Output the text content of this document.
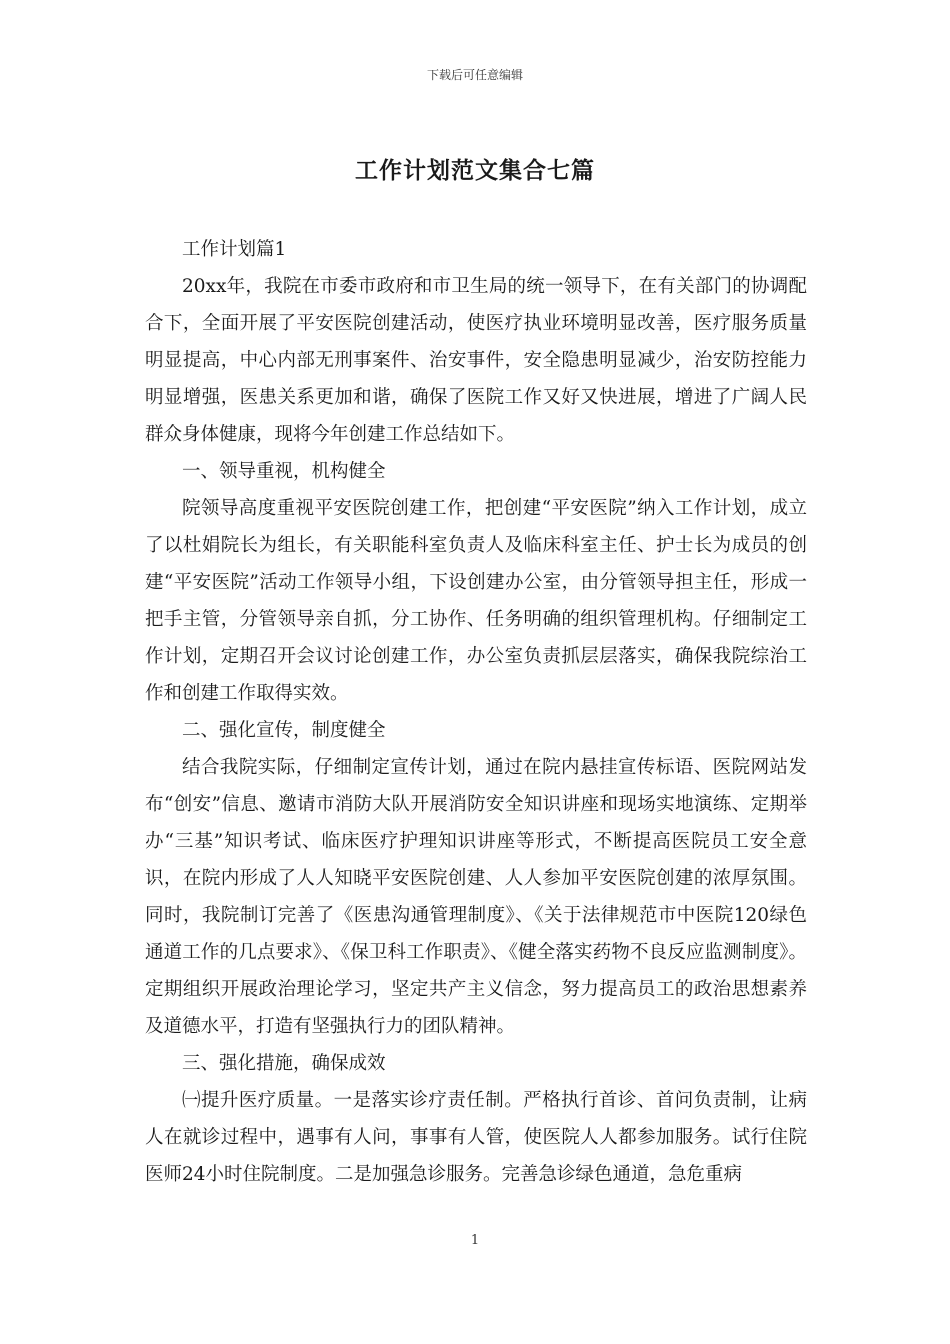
下载后可任意编辑
工作计划范文集合七篇

工作计划篇1

20xx年，我院在市委市政府和市卫生局的统一领导下，在有关部门的协调配合下，全面开展了平安医院创建活动，使医疗执业环境明显改善，医疗服务质量明显提高，中心内部无刑事案件、治安事件，安全隐患明显减少，治安防控能力明显增强，医患关系更加和谐，确保了医院工作又好又快进展，增进了广阔人民群众身体健康，现将今年创建工作总结如下。

一、领导重视，机构健全

院领导高度重视平安医院创建工作，把创建“平安医院”纳入工作计划，成立了以杜娟院长为组长，有关职能科室负责人及临床科室主任、护士长为成员的创建“平安医院”活动工作领导小组，下设创建办公室，由分管领导担主任，形成一把手主管，分管领导亲自抓，分工协作、任务明确的组织管理机构。仔细制定工作计划，定期召开会议讨论创建工作，办公室负责抓层层落实，确保我院综治工作和创建工作取得实效。

二、强化宣传，制度健全

结合我院实际，仔细制定宣传计划，通过在院内悬挂宣传标语、医院网站发布“创安”信息、邀请市消防大队开展消防安全知识讲座和现场实地演练、定期举办“三基”知识考试、临床医疗护理知识讲座等形式，不断提高医院员工安全意识，在院内形成了人人知晓平安医院创建、人人参加平安医院创建的浓厚氛围。同时，我院制订完善了《医患沟通管理制度》、《关于法律规范市中医院120绿色通道工作的几点要求》、《保卫科工作职责》、《健全落实药物不良反应监测制度》。定期组织开展政治理论学习，坚定共产主义信念，努力提高员工的政治思想素养及道德水平，打造有坚强执行力的团队精神。

三、强化措施，确保成效

㈠提升医疗质量。一是落实诊疗责任制。严格执行首诊、首问负责制，让病人在就诊过程中，遇事有人问，事事有人管，使医院人人都参加服务。试行住院医师24小时住院制度。二是加强急诊服务。完善急诊绿色通道，急危重病

1
